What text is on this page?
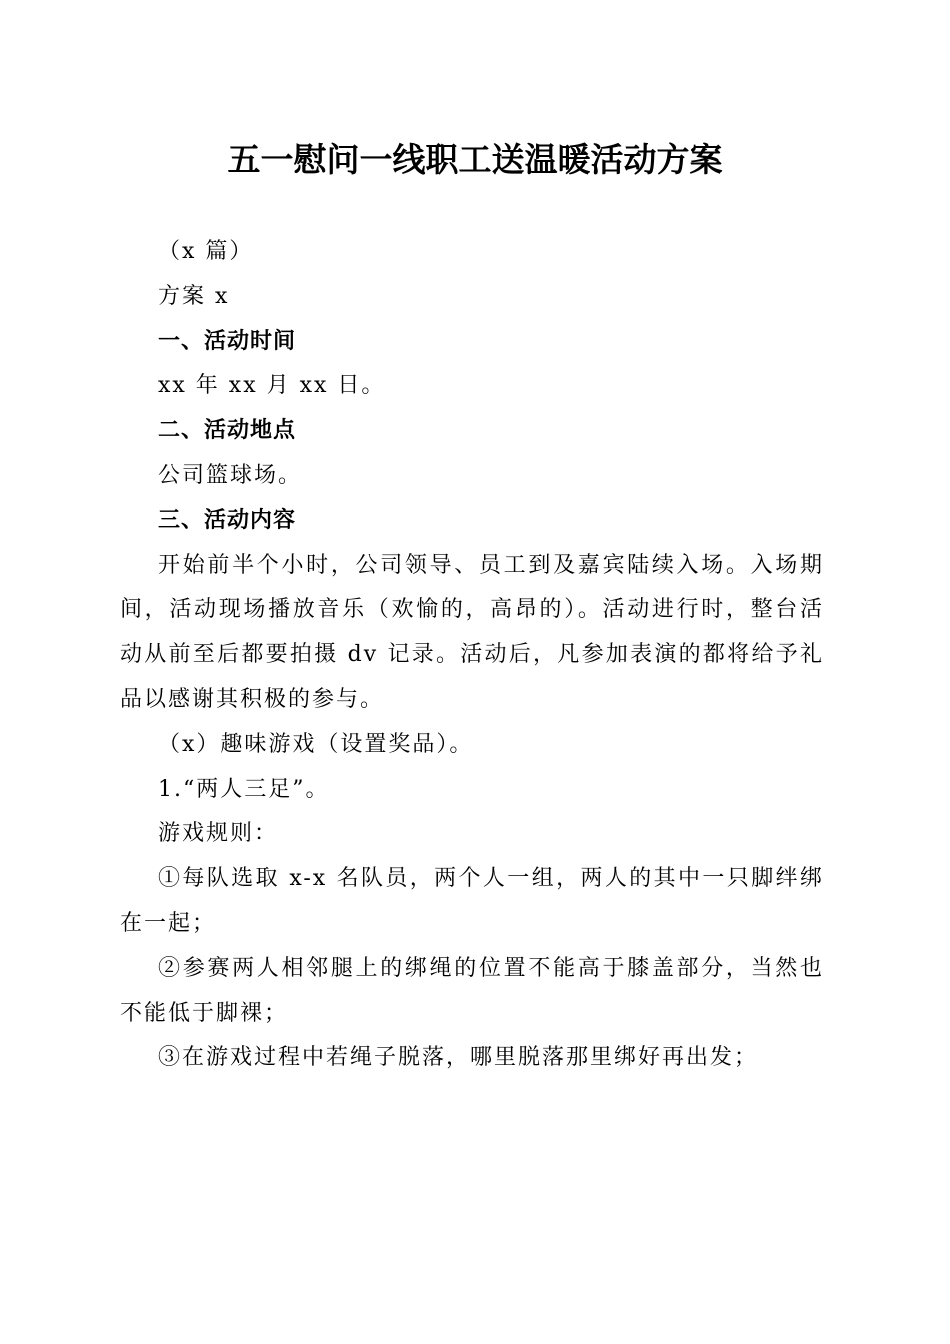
五一慰问一线职工送温暖活动方案

（x 篇）

方案 x

一、活动时间

xx 年 xx 月 xx 日。

二、活动地点

公司篮球场。

三、活动内容

开始前半个小时，公司领导、员工到及嘉宾陆续入场。入场期间，活动现场播放音乐（欢愉的，高昂的）。活动进行时，整台活动从前至后都要拍摄 dv 记录。活动后，凡参加表演的都将给予礼品以感谢其积极的参与。

（x）趣味游戏（设置奖品）。

1.“两人三足”。

游戏规则：

①每队选取 x-x 名队员，两个人一组，两人的其中一只脚绊绑在一起；

②参赛两人相邻腿上的绑绳的位置不能高于膝盖部分，当然也不能低于脚裸；

③在游戏过程中若绳子脱落，哪里脱落那里绑好再出发；
